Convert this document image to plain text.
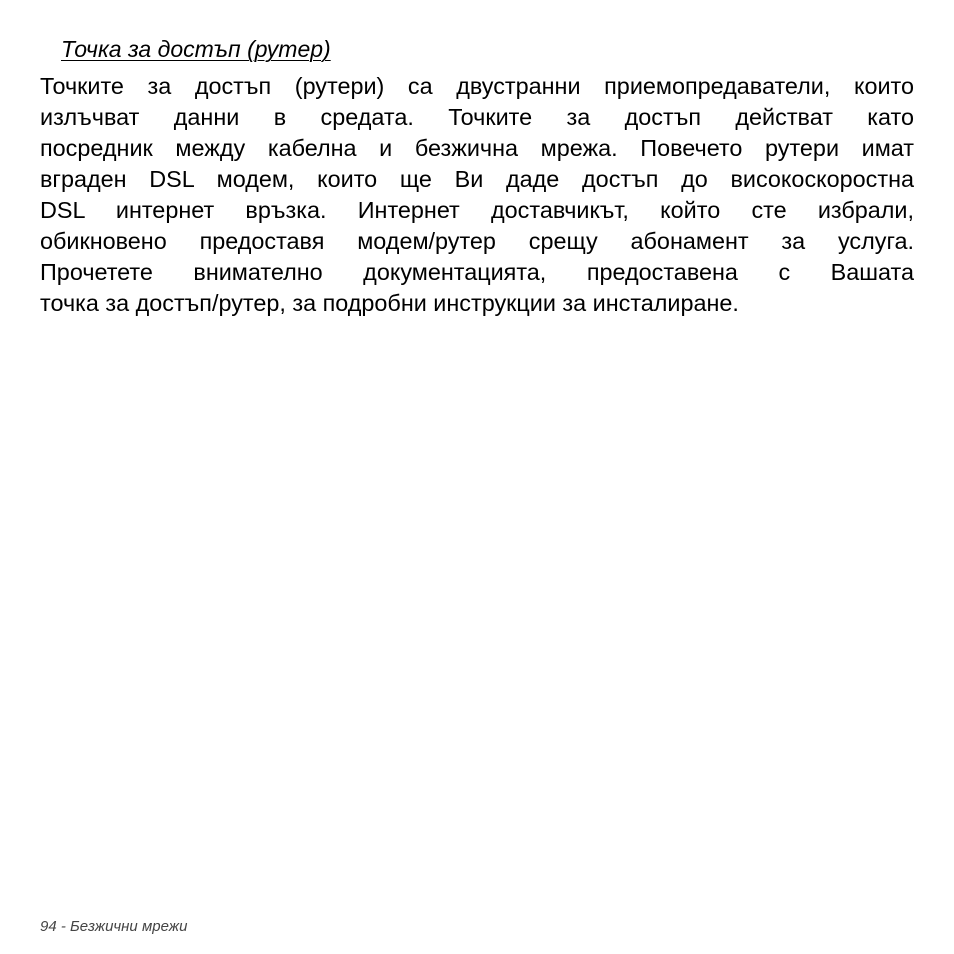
Точка за достъп (рутер)

Точките за достъп (рутери) са двустранни приемопредаватели, които
излъчват данни в средата. Точките за достъп действат като
посредник между кабелна и безжична мрежа. Повечето рутери имат
вграден DSL модем, които ще Ви даде достъп до високоскоростна
DSL интернет връзка. Интернет доставчикът, който сте избрали,
обикновено предоставя модем/рутер срещу абонамент за услуга.
Прочетете внимателно документацията, предоставена с Вашата
точка за достъп/рутер, за подробни инструкции за инсталиране.

94 - Безжични мрежи
